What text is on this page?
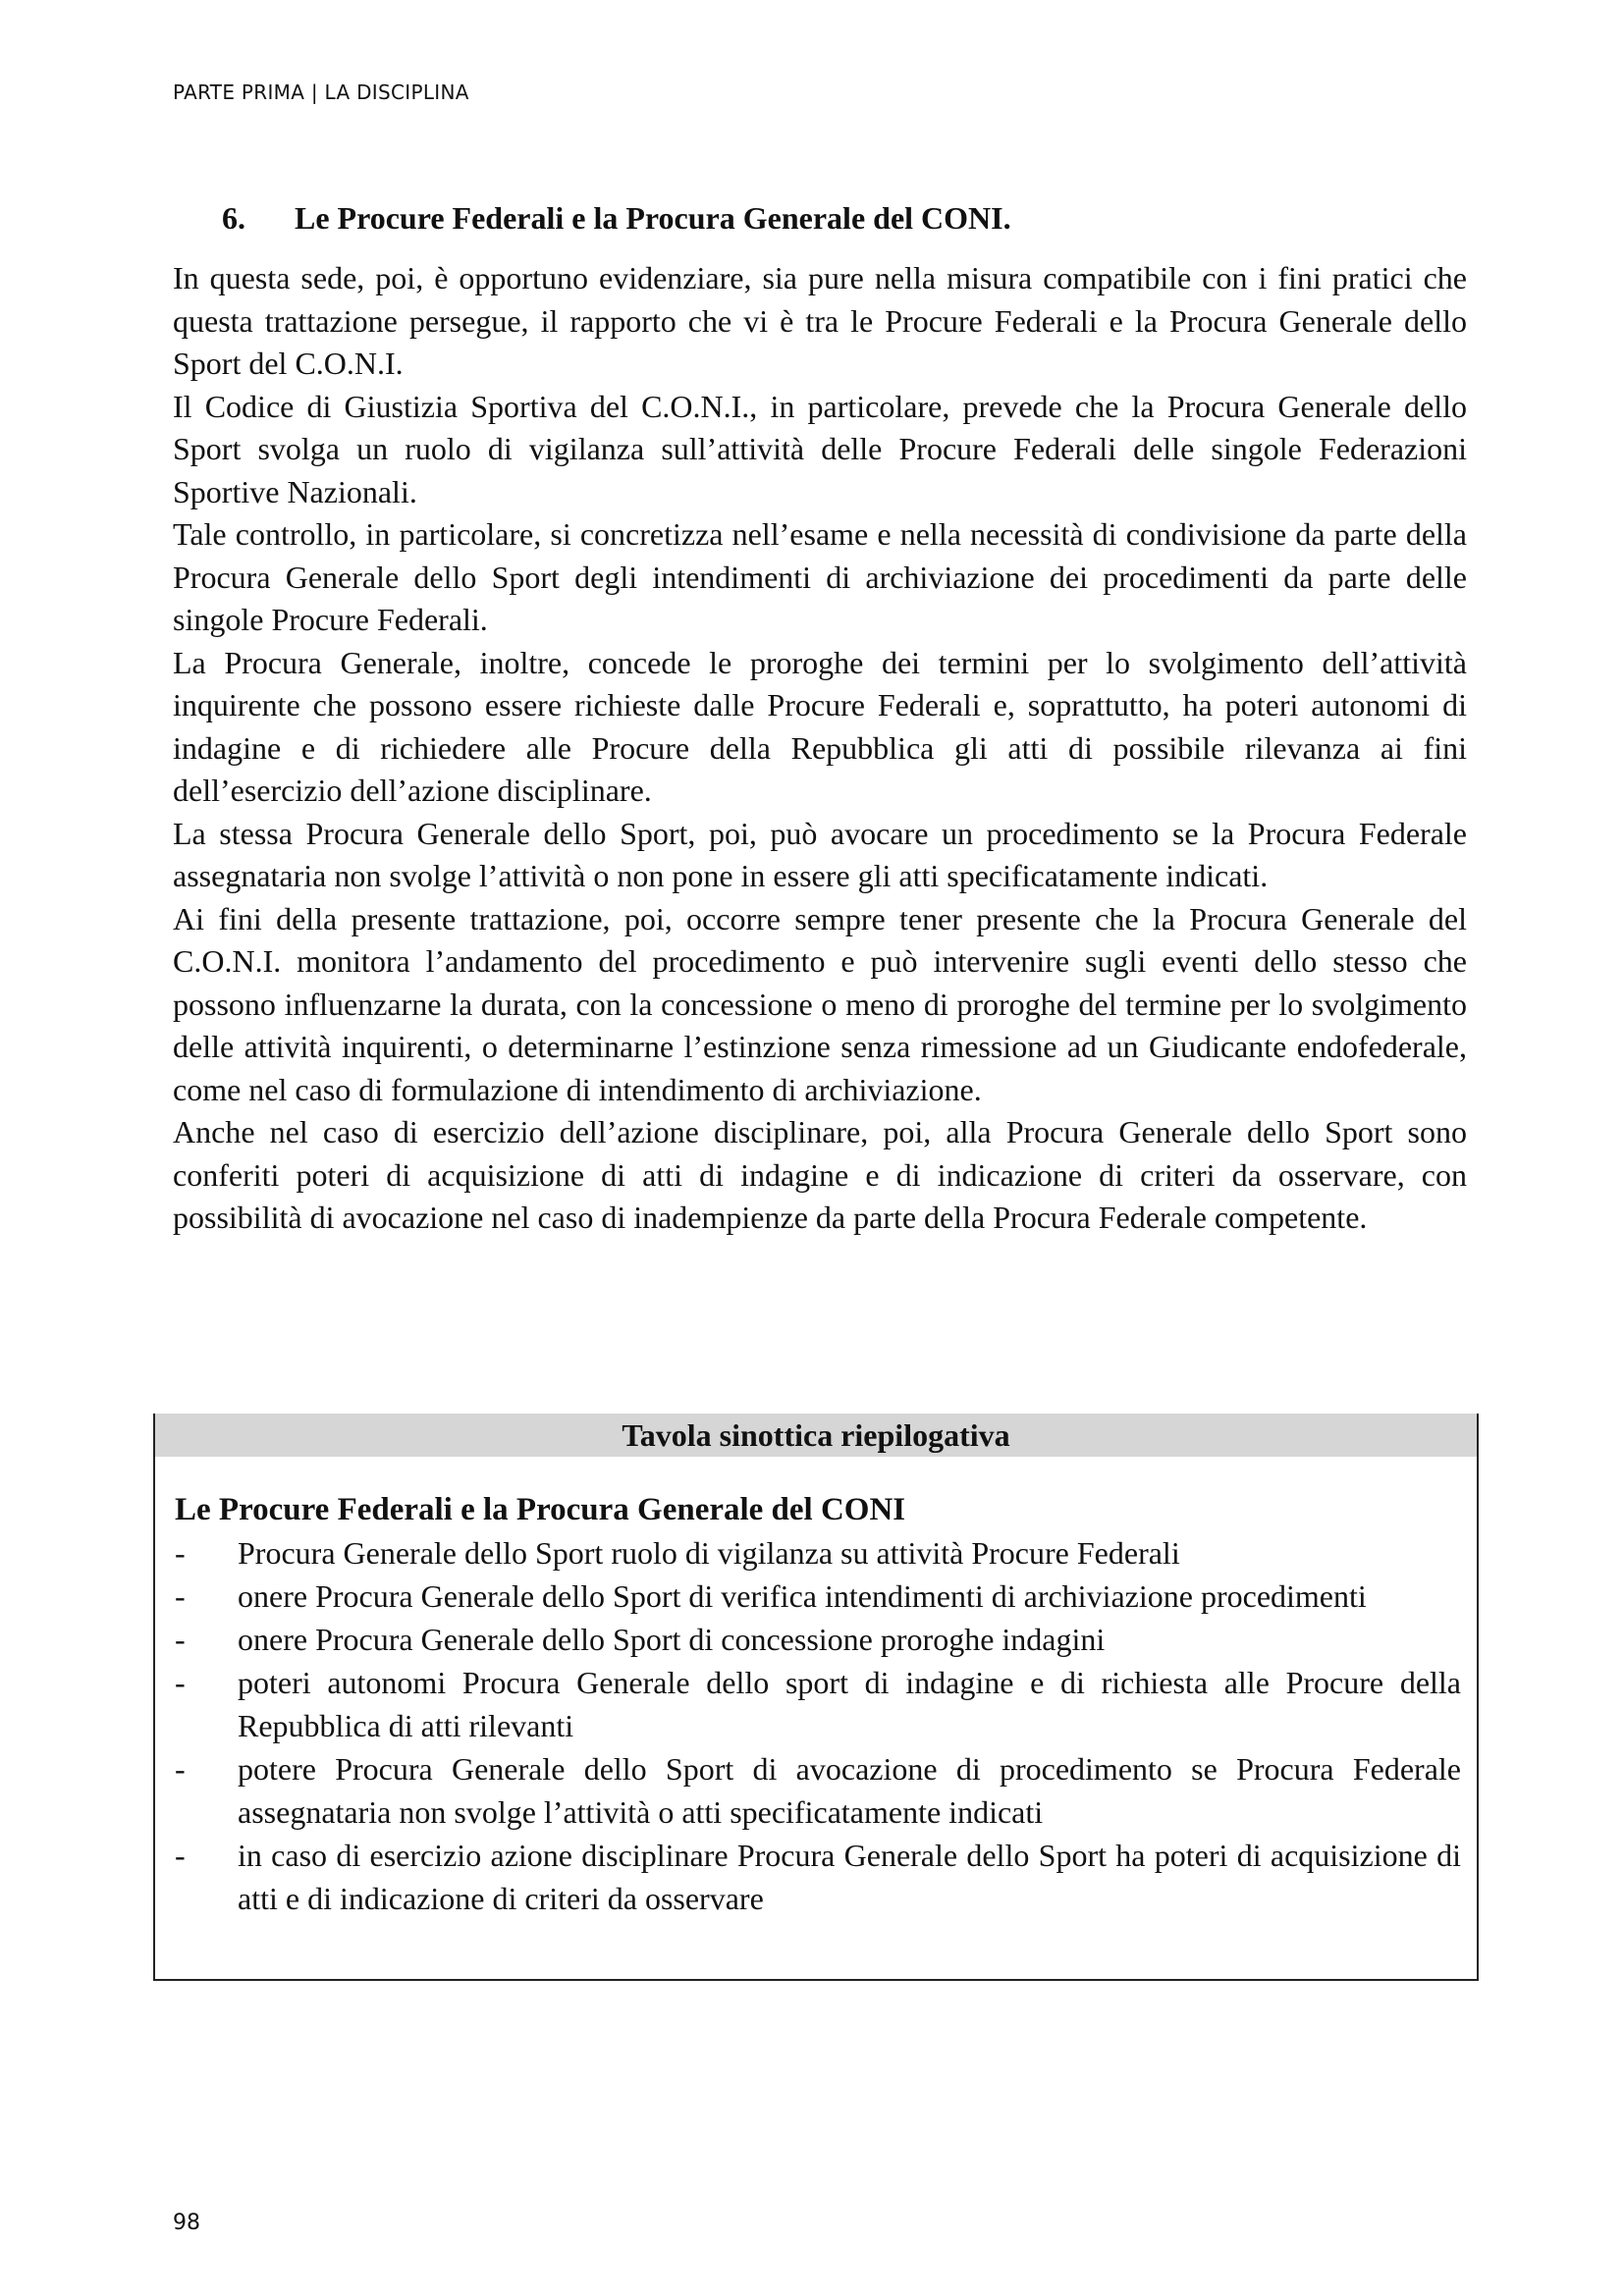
PARTE PRIMA | LA DISCIPLINA
6. Le Procure Federali e la Procura Generale del CONI.

In questa sede, poi, è opportuno evidenziare, sia pure nella misura compatibile con i fini pratici che questa trattazione persegue, il rapporto che vi è tra le Procure Federali e la Procura Generale dello Sport del C.O.N.I.

Il Codice di Giustizia Sportiva del C.O.N.I., in particolare, prevede che la Procura Generale dello Sport svolga un ruolo di vigilanza sull’attività delle Procure Federali delle singole Federazioni Sportive Nazionali.

Tale controllo, in particolare, si concretizza nell’esame e nella necessità di condivisione da parte della Procura Generale dello Sport degli intendimenti di archiviazione dei procedimenti da parte delle singole Procure Federali.

La Procura Generale, inoltre, concede le proroghe dei termini per lo svolgimento dell’attività inquirente che possono essere richieste dalle Procure Federali e, soprattutto, ha poteri autonomi di indagine e di richiedere alle Procure della Repubblica gli atti di possibile rilevanza ai fini dell’esercizio dell’azione disciplinare.

La stessa Procura Generale dello Sport, poi, può avocare un procedimento se la Procura Federale assegnataria non svolge l’attività o non pone in essere gli atti specificatamente indicati.

Ai fini della presente trattazione, poi, occorre sempre tener presente che la Procura Generale del C.O.N.I. monitora l’andamento del procedimento e può intervenire sugli eventi dello stesso che possono influenzarne la durata, con la concessione o meno di proroghe del termine per lo svolgimento delle attività inquirenti, o determinarne l’estinzione senza rimessione ad un Giudicante endofederale, come nel caso di formulazione di intendimento di archiviazione.

Anche nel caso di esercizio dell’azione disciplinare, poi, alla Procura Generale dello Sport sono conferiti poteri di acquisizione di atti di indagine e di indicazione di criteri da osservare, con possibilità di avocazione nel caso di inadempienze da parte della Procura Federale competente.

Tavola sinottica riepilogativa
Le Procure Federali e la Procura Generale del CONI
-	Procura Generale dello Sport ruolo di vigilanza su attività Procure Federali
-	onere Procura Generale dello Sport di verifica intendimenti di archiviazione procedimenti
-	onere Procura Generale dello Sport di concessione proroghe indagini
-	poteri autonomi Procura Generale dello sport di indagine e di richiesta alle Procure della Repubblica di atti rilevanti
-	potere Procura Generale dello Sport di avocazione di procedimento se Procura Federale assegnataria non svolge l’attività o atti specificatamente indicati
-	in caso di esercizio azione disciplinare Procura Generale dello Sport ha poteri di acquisizione di atti e di indicazione di criteri da osservare
98
